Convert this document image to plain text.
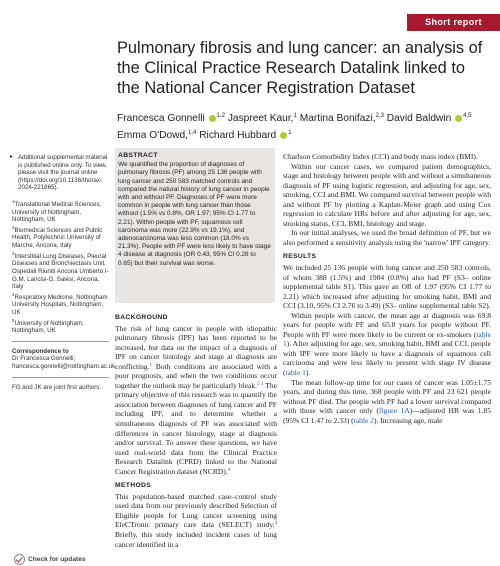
Short report
Pulmonary fibrosis and lung cancer: an analysis of the Clinical Practice Research Datalink linked to the National Cancer Registration Dataset
Francesca Gonnelli $^{1,2}$ Jaspreet Kaur,$^1$ Martina Bonifazi,$^{2,3}$ David Baldwin $^{4,5}$
Emma O'Dowd,$^{1,4}$ Richard Hubbard $^1$

▸ Additional supplemental material is published online only. To view, please visit the journal online (https://doi.org/10.1136/thorax-2024-221865).

$^1$Translational Medical Sciences, University of Nottingham, Nottingham, UK
$^2$Biomedical Sciences and Public Health, Polytechnic University of Marche, Ancona, Italy
$^3$Interstitial Lung Diseases, Pleural Diseases and Bronchiectasis Unit, Ospedali Riuniti Ancona Umberto I-G.M. Lancisi-G. Salesi, Ancona, Italy
$^4$Respiratory Medicine, Nottingham University Hospitals, Nottingham, UK
$^5$University of Nottingham, Nottingham, UK

Correspondence to

Dr Francesca Gonnelli; francesca.gonnelli@nottingham.ac.uk

FG and JK are joint first authors.

Check for updates
ABSTRACT

We quantified the proportion of diagnoses of pulmonary fibrosis (PF) among 25 136 people with lung cancer and 250 583 matched controls and compared the natural history of lung cancer in people with and without PF. Diagnoses of PF were more common in people with lung cancer than those without (1.5% vs 0.8%, OR 1.97; 95% CI 1.77 to 2.21). Within people with PF, squamous cell carcinoma was more (22.9% vs 19.1%), and adenocarcinoma was less common (18.0% vs 21.3%). People with PF were less likely to have stage 4 disease at diagnosis (OR 0.43, 95% CI 0.28 to 0.65) but their survival was worse.

BACKGROUND

The risk of lung cancer in people with idiopathic pulmonary fibrosis (IPF) has been reported to be increased, but data on the impact of a diagnosis of IPF on cancer histology and stage at diagnosis are conflicting.$^1$ Both conditions are associated with a poor prognosis, and when the two conditions occur together the outlook may be particularly bleak.$^{2 3}$ The primary objective of this research was to quantify the association between diagnoses of lung cancer and PF including IPF, and to determine whether a simultaneous diagnosis of PF was associated with differences in cancer histology, stage at diagnosis and/or survival. To answer these questions, we have used real-world data from the Clinical Practice Research Datalink (CPRD) linked to the National Cancer Registration dataset (NCRD).$^4$

METHODS

This population-based matched case–control study used data from our previously described Selection of Eligible people for Lung cancer screening using EleCTronic primary care data (SELECT) study.$^4$ Briefly, this study included incident cases of lung cancer identified in a

Charlson Comorbidity Index (CCI) and body mass index (BMI).

Within our cancer cases, we compared patient demographics, stage and histology between people with and without a simultaneous diagnosis of PF using logistic regression, and adjusting for age, sex, smoking, CCI and BMI. We compared survival between people with and without PF by plotting a Kaplan-Meier graph and using Cox regression to calculate HRs before and after adjusting for age, sex, smoking status, CCI, BMI, histology and stage.

In our initial analyses, we used the broad definition of PF, but we also performed a sensitivity analysis using the 'narrow' IPF category.

RESULTS

We included 25 136 people with lung cancer and 250 583 controls, of whom 388 (1.5%) and 1984 (0.8%) also had PF (S3– online supplemental table S1). This gave an OR of 1.97 (95% CI 1.77 to 2.21) which increased after adjusting for smoking habit, BMI and CCI (3.10, 95% CI 2.76 to 3.49) (S3– online supplemental table S2).

Within people with cancer, the mean age at diagnosis was 69.8 years for people with PF and 65.8 years for people without PF. People with PF were more likely to be current or ex-smokers (table 1). After adjusting for age, sex, smoking habit, BMI and CCI, people with IPF were more likely to have a diagnosis of squamous cell carcinoma and were less likely to present with stage IV disease (table 1).

The mean follow-up time for our cases of cancer was 1.05±1.75 years, and during this time, 368 people with PF and 23 621 people without PF died. The people with PF had a lower survival compared with those with cancer only (figure 1A)—adjusted HR was 1.85 (95% CI 1.47 to 2.33) (table 2). Increasing age, male
